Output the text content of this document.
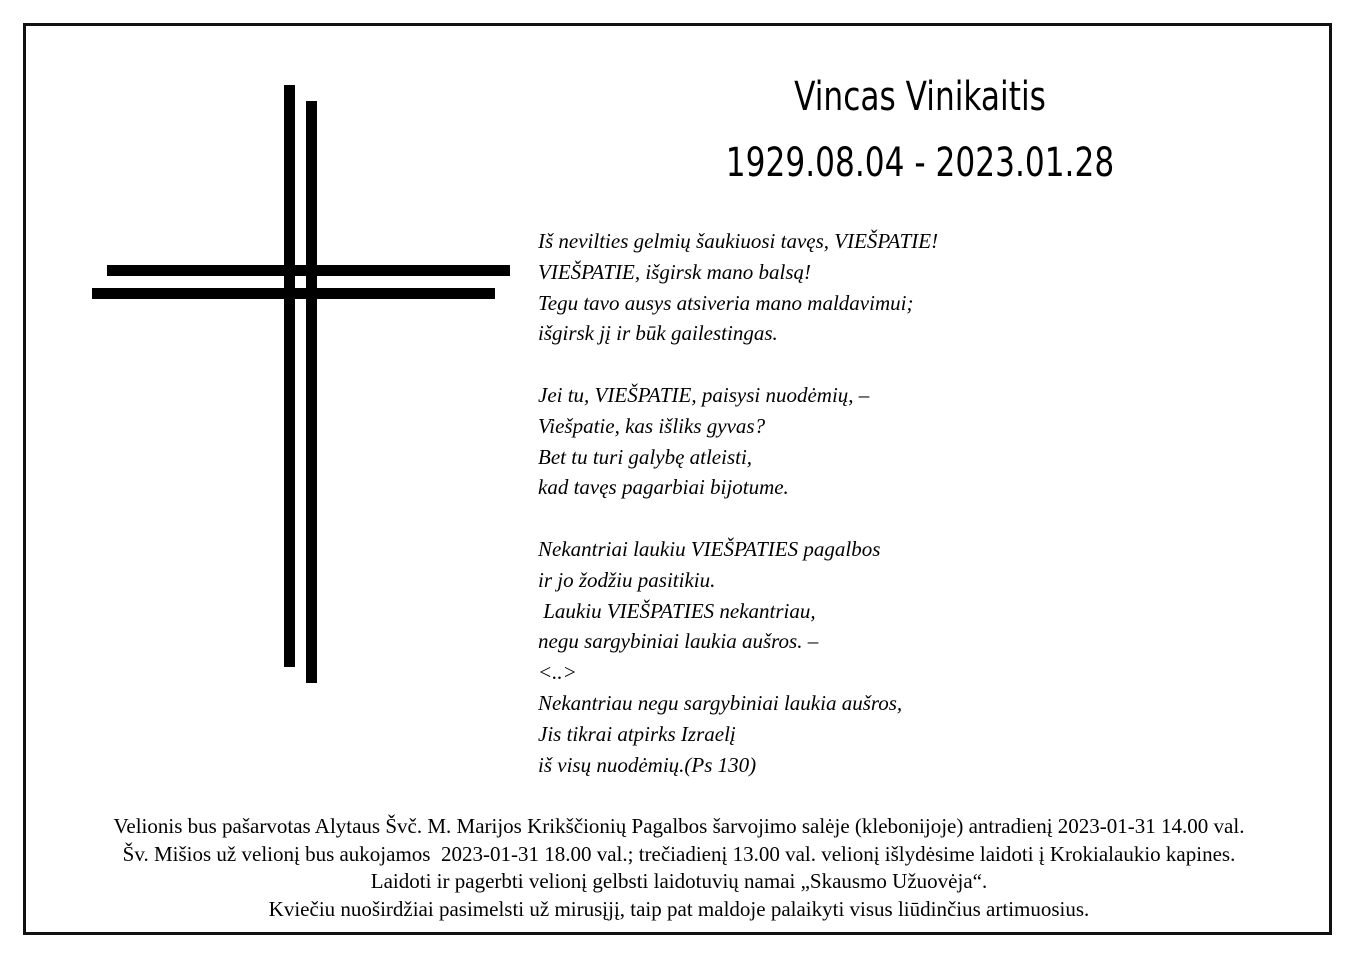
Vincas Vinikaitis
1929.08.04 - 2023.01.28
Iš nevilties gelmių šaukiuosi tavęs, VIEŠPATIE!
VIEŠPATIE, išgirsk mano balsą!
Tegu tavo ausys atsiveria mano maldavimui;
išgirsk jį ir būk gailestingas.
Jei tu, VIEŠPATIE, paisysi nuodėmių, –
Viešpatie, kas išliks gyvas?
Bet tu turi galybę atleisti,
kad tavęs pagarbiai bijotume.
Nekantriai laukiu VIEŠPATIES pagalbos
ir jo žodžiu pasitikiu.
Laukiu VIEŠPATIES nekantriau,
negu sargybiniai laukia aušros. –
<..>
Nekantriau negu sargybiniai laukia aušros,
Jis tikrai atpirks Izraelį
iš visų nuodėmių.(Ps 130)
Velionis bus pašarvotas Alytaus Švč. M. Marijos Krikščionių Pagalbos šarvojimo salėje (klebonijoje) antradienį 2023-01-31 14.00 val.
Šv. Mišios už velionį bus aukojamos  2023-01-31 18.00 val.; trečiadienį 13.00 val. velionį išlydėsime laidoti į Krokialaukio kapines.
Laidoti ir pagerbti velionį gelbsti laidotuvių namai „Skausmo Užuovėja“.
Kviečiu nuoširdžiai pasimelsti už mirusįjį, taip pat maldoje palaikyti visus liūdinčius artimuosius.
